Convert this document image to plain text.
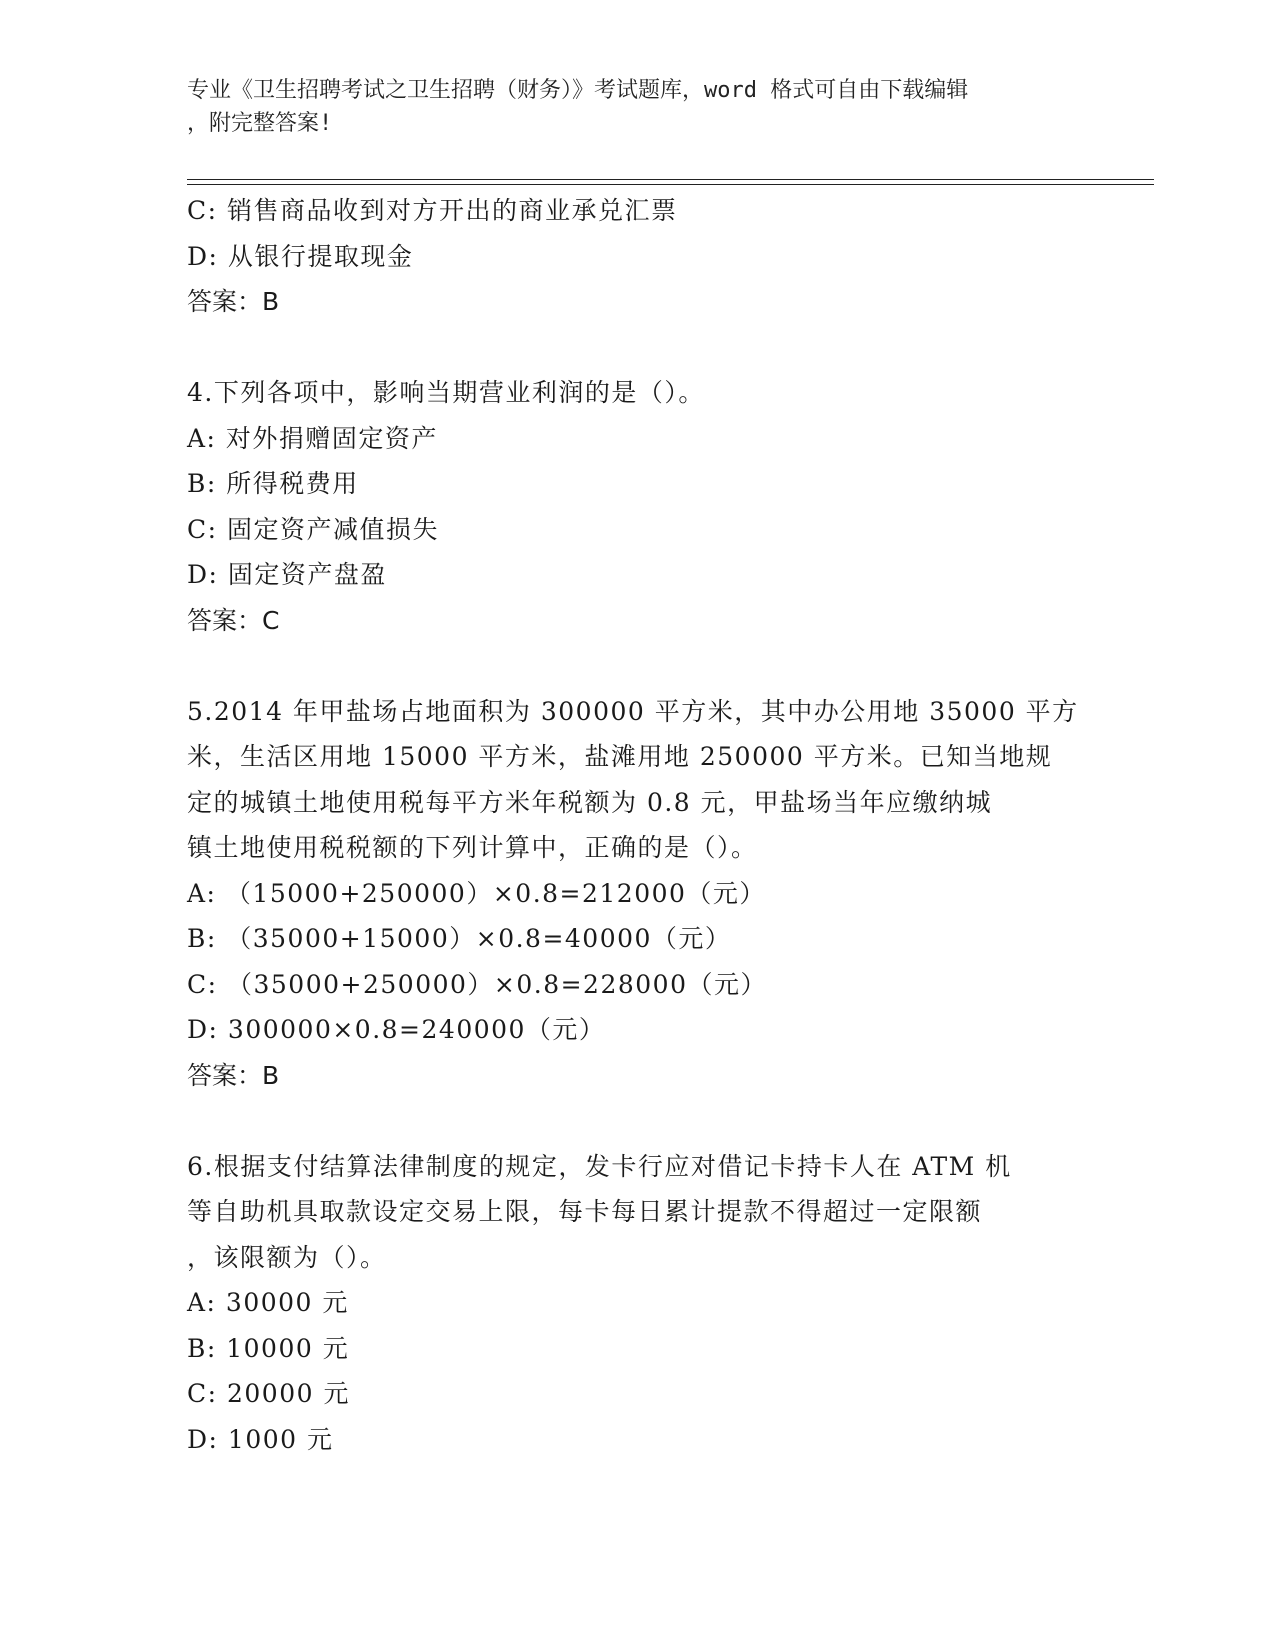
专业《卫生招聘考试之卫生招聘（财务）》考试题库，word 格式可自由下载编辑
，附完整答案!
C: 销售商品收到对方开出的商业承兑汇票
D: 从银行提取现金
答案：B
4.下列各项中，影响当期营业利润的是（）。
A: 对外捐赠固定资产
B: 所得税费用
C: 固定资产减值损失
D: 固定资产盘盈
答案：C
5.2014 年甲盐场占地面积为 300000 平方米，其中办公用地 35000 平方
米，生活区用地 15000 平方米，盐滩用地 250000 平方米。已知当地规
定的城镇土地使用税每平方米年税额为 0.8 元，甲盐场当年应缴纳城
镇土地使用税税额的下列计算中，正确的是（）。
A: （15000+250000）×0.8=212000（元）
B: （35000+15000）×0.8=40000（元）
C: （35000+250000）×0.8=228000（元）
D: 300000×0.8=240000（元）
答案：B
6.根据支付结算法律制度的规定，发卡行应对借记卡持卡人在 ATM 机
等自助机具取款设定交易上限，每卡每日累计提款不得超过一定限额
，该限额为（）。
A: 30000 元
B: 10000 元
C: 20000 元
D: 1000 元
